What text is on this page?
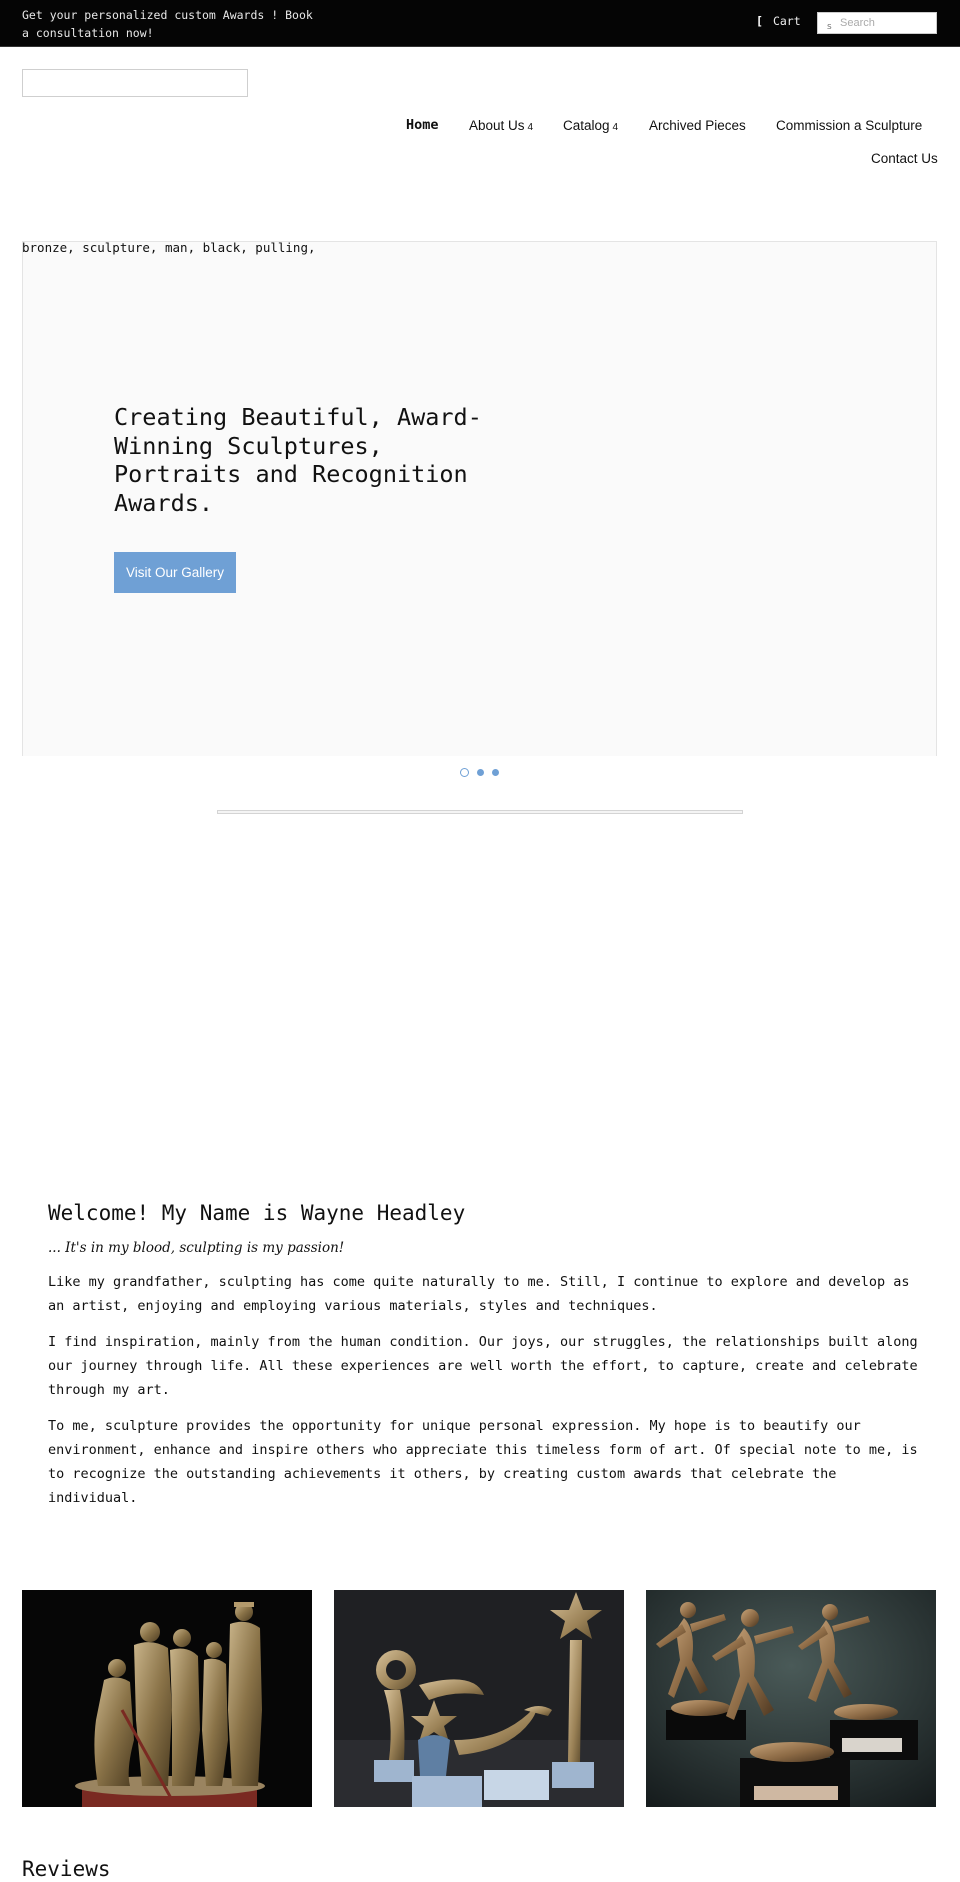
Get your personalized custom Awards ! Book a consultation now!
[ Cart	s
Search
Home About Us 4 Catalog 4 Archived Pieces Commission a Sculpture
Contact Us
bronze, sculpture, man, black, pulling,
Creating Beautiful, Award-Winning Sculptures, Portraits and Recognition Awards.
Visit Our Gallery
Welcome! My Name is Wayne Headley

... It's in my blood, sculpting is my passion!

Like my grandfather, sculpting has come quite naturally to me. Still, I continue to explore and develop as an artist, enjoying and employing various materials, styles and techniques.

I find inspiration, mainly from the human condition. Our joys, our struggles, the relationships built along our journey through life. All these experiences are well worth the effort, to capture, create and celebrate through my art.

To me, sculpture provides the opportunity for unique personal expression. My hope is to beautify our environment, enhance and inspire others who appreciate this timeless form of art. Of special note to me, is to recognize the outstanding achievements it others, by creating custom awards that celebrate the individual.

Reviews
